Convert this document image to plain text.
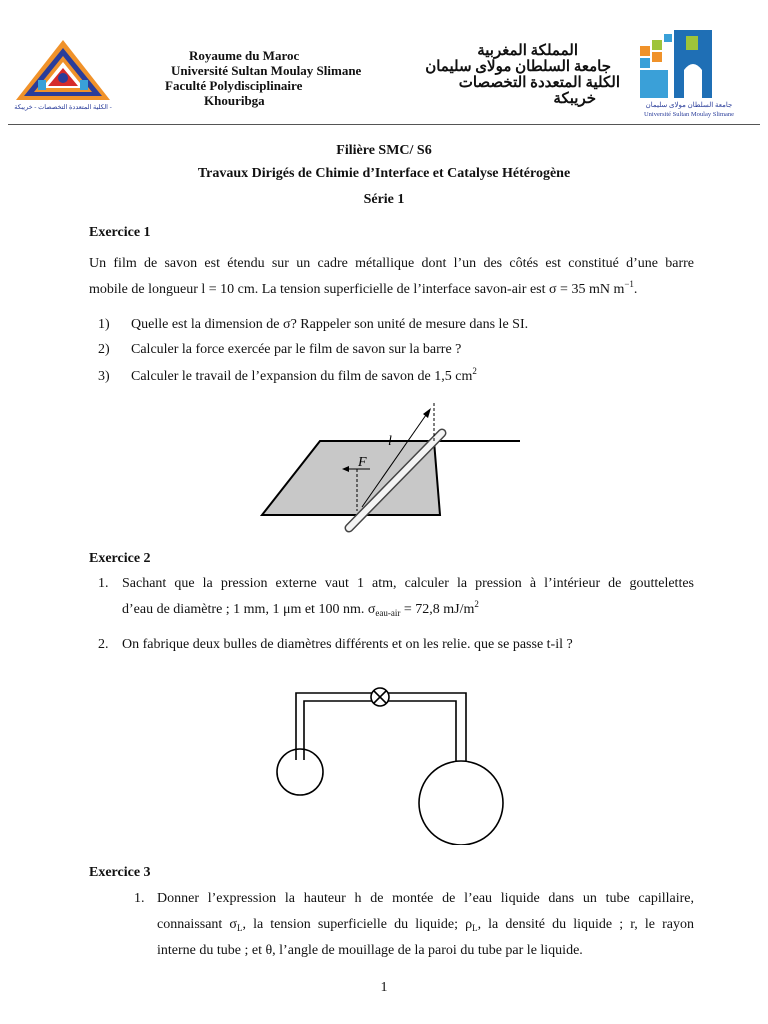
الكلية المتعددة التخصصات - خريبكة -
Royaume du Maroc
Université Sultan Moulay Slimane
Faculté Polydisciplinaire
Khouribga
المملكة المغربية
جامعة السلطان مولاى سليمان
الكلية المتعددة التخصصات
خريبكة	جامعة السلطان مولاى سليمان
Université Sultan Moulay Slimane
Filière SMC/ S6
Travaux Dirigés de Chimie d’Interface et Catalyse Hétérogène
Série 1
Exercice 1
Un film de savon est étendu sur un cadre métallique dont l’un des côtés est constitué d’une barre
mobile de longueur l = 10 cm. La tension superficielle de l’interface savon-air est σ = 35 mN $m^{-1}$.
1) Quelle est la dimension de σ? Rappeler son unité de mesure dans le SI.
2) Calculer la force exercée par le film de savon sur la barre ?
3) Calculer le travail de l’expansion du film de savon de 1,5 $cm^2$
l
F
Exercice 2
1. Sachant que la pression externe vaut 1 atm, calculer la pression à l’intérieur de gouttelettes
d’eau de diamètre ; 1 mm, 1 μm et 100 nm. $\sigma_{eau-air} = 72,8$ $mJ/m^2$
2. On fabrique deux bulles de diamètres différents et on les relie. que se passe t-il ?
Exercice 3
1. Donner l’expression la hauteur h de montée de l’eau liquide dans un tube capillaire,
connaissant $\sigma_L$, la tension superficielle du liquide; $\rho_L$, la densité du liquide ; r, le rayon
interne du tube ; et θ, l’angle de mouillage de la paroi du tube par le liquide.
1
